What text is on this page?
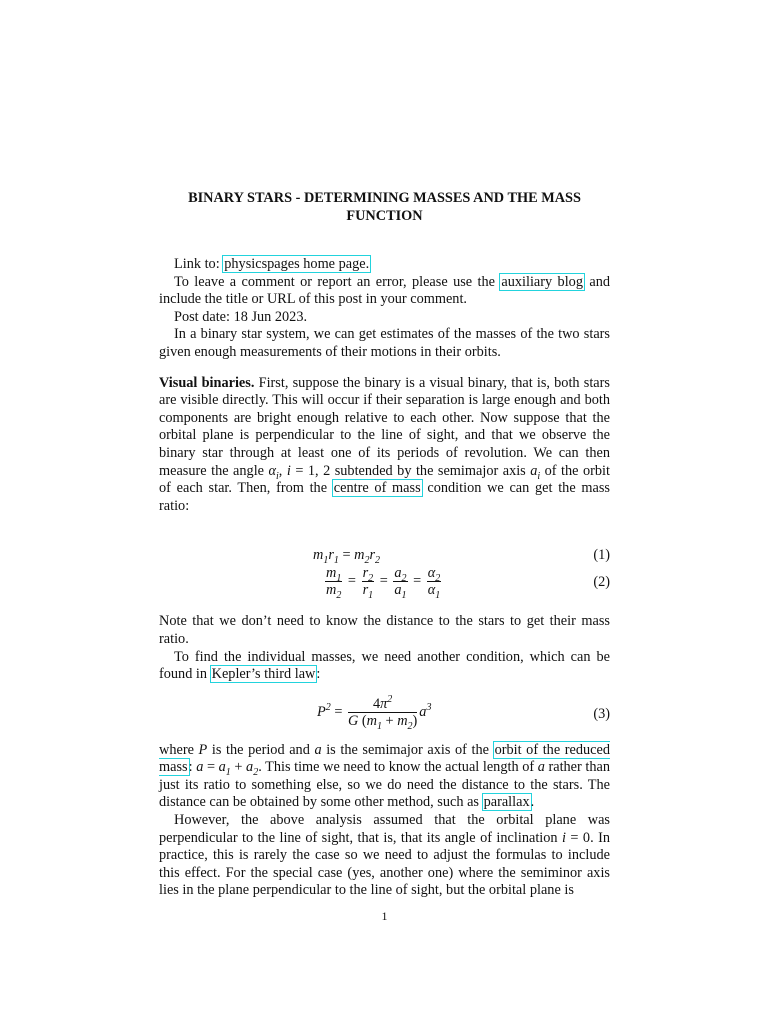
BINARY STARS - DETERMINING MASSES AND THE MASS
FUNCTION

Link to: physicspages home page.

To leave a comment or report an error, please use the auxiliary blog and include the title or URL of this post in your comment.

Post date: 18 Jun 2023.

In a binary star system, we can get estimates of the masses of the two stars given enough measurements of their motions in their orbits.

Visual binaries. First, suppose the binary is a visual binary, that is, both stars are visible directly. This will occur if their separation is large enough and both components are bright enough relative to each other. Now suppose that the orbital plane is perpendicular to the line of sight, and that we observe the binary star through at least one of its periods of revolution. We can then measure the angle $\alpha_i$, i = 1, 2 subtended by the semimajor axis $a_i$ of the orbit of each star. Then, from the centre of mass condition we can get the mass ratio:

$m_1r_1 = m_2r_2$	(1)
$\frac{m_1}{m_2} = \frac{r_2}{r_1} = \frac{a_2}{a_1} = \frac{\alpha_2}{\alpha_1}$	(2)

Note that we don’t need to know the distance to the stars to get their mass ratio.

To find the individual masses, we need another condition, which can be found in Kepler’s third law:

$P^2 = \frac{4\pi^2}{G (m_1 + m_2)} a^3$	(3)

where P is the period and a is the semimajor axis of the orbit of the reduced mass: $a = a_1 + a_2$. This time we need to know the actual length of a rather than just its ratio to something else, so we do need the distance to the stars. The distance can be obtained by some other method, such as parallax.

However, the above analysis assumed that the orbital plane was perpendicular to the line of sight, that is, that its angle of inclination i = 0. In practice, this is rarely the case so we need to adjust the formulas to include this effect. For the special case (yes, another one) where the semiminor axis lies in the plane perpendicular to the line of sight, but the orbital plane is

1
